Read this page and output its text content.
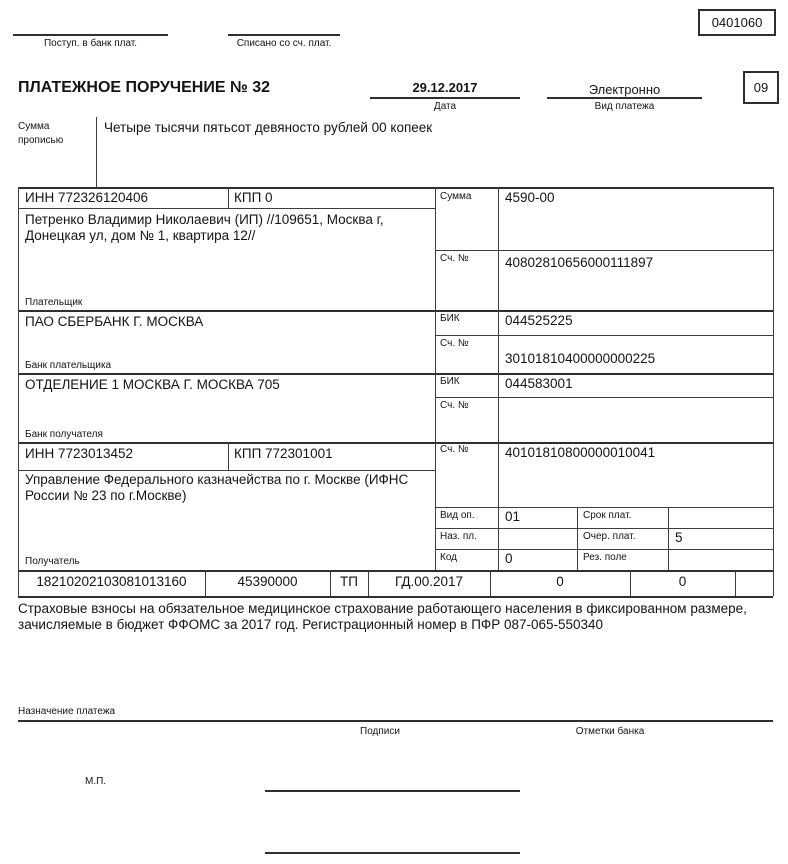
0401060
Поступ. в банк плат.	Списано со сч. плат.
ПЛАТЕЖНОЕ ПОРУЧЕНИЕ № 32	29.12.2017
Дата
Электронно
Вид платежа
09
Сумма
прописью
Четыре тысячи пятьсот девяносто рублей 00 копеек
ИНН 772326120406	КПП 0
Петренко Владимир Николаевич (ИП) //109651, Москва г, Донецкая ул, дом № 1, квартира 12//
Плательщик
ПАО СБЕРБАНК Г. МОСКВА
Банк плательщика
ОТДЕЛЕНИЕ 1 МОСКВА Г. МОСКВА 705
Банк получателя
ИНН 7723013452	КПП 772301001
Управление Федерального казначейства по г. Москве (ИФНС России № 23 по г.Москве)
Получатель
Сумма 4590-00
Сч. №	40802810656000111897
БИК	044525225
Сч. №
30101810400000000225
БИК	044583001
Сч. №
Сч. №	40101810800000010041
Вид оп. 01	Срок плат.
Наз. пл.	Очер. плат.	5
Код	0	Рез. поле
18210202103081013160	45390000	ТП	ГД.00.2017	0	0
Страховые взносы на обязательное медицинское страхование работающего населения в фиксированном размере, зачисляемые в бюджет ФФОМС за 2017 год. Регистрационный номер в ПФР 087-065-550340
Назначение платежа
Подписи	Отметки банка
М.П.
